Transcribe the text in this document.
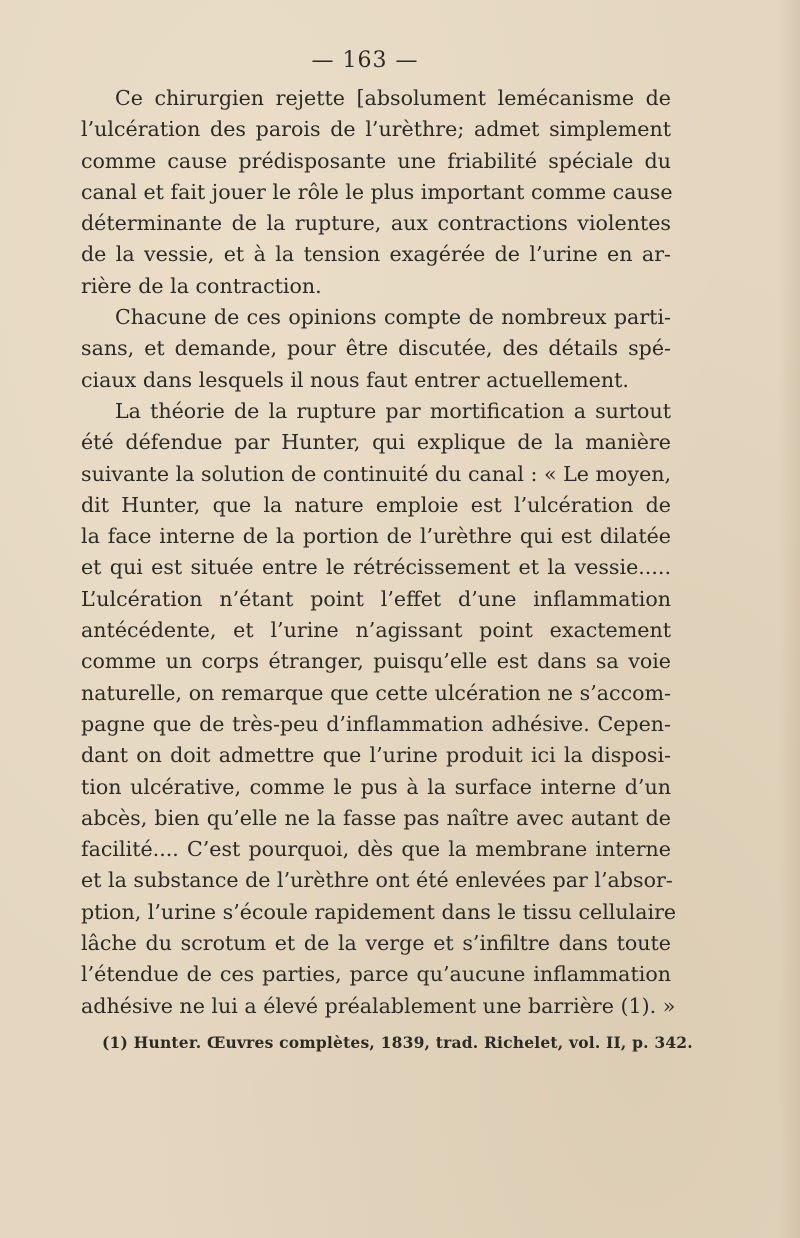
— 163 —
Ce chirurgien rejette [absolument lemécanisme de
l’ulcération des parois de l’urèthre; admet simplement
comme cause prédisposante une friabilité spéciale du
canal et fait jouer le rôle le plus important comme cause
déterminante de la rupture, aux contractions violentes
de la vessie, et à la tension exagérée de l’urine en ar-
rière de la contraction.
Chacune de ces opinions compte de nombreux parti-
sans, et demande, pour être discutée, des détails spé-
ciaux dans lesquels il nous faut entrer actuellement.
La théorie de la rupture par mortification a surtout
été défendue par Hunter, qui explique de la manière
suivante la solution de continuité du canal : « Le moyen,
dit Hunter, que la nature emploie est l’ulcération de
la face interne de la portion de l’urèthre qui est dilatée
et qui est située entre le rétrécissement et la vessie.....
L’ulcération n’étant point l’effet d’une inflammation
antécédente, et l’urine n’agissant point exactement
comme un corps étranger, puisqu’elle est dans sa voie
naturelle, on remarque que cette ulcération ne s’accom-
pagne que de très-peu d’inflammation adhésive. Cepen-
dant on doit admettre que l’urine produit ici la disposi-
tion ulcérative, comme le pus à la surface interne d’un
abcès, bien qu’elle ne la fasse pas naître avec autant de
facilité.... C’est pourquoi, dès que la membrane interne
et la substance de l’urèthre ont été enlevées par l’absor-
ption, l’urine s’écoule rapidement dans le tissu cellulaire
lâche du scrotum et de la verge et s’infiltre dans toute
l’étendue de ces parties, parce qu’aucune inflammation
adhésive ne lui a élevé préalablement une barrière (1). »
(1) Hunter. Œuvres complètes, 1839, trad. Richelet, vol. II, p. 342.
